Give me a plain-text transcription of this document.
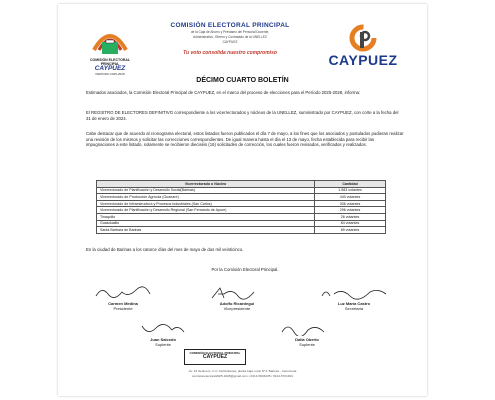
COMISIÓN ELECTORAL PRINCIPAL
CAYPUEZ
PERIODO 2025-2028
COMISIÓN ELECTORAL PRINCIPAL
de la Caja de Ahorro y Préstamo del Personal Docente,
Administrativo, Obrero y Contratado de la UNELLEZ
CAYPUEZ
Tu voto consolida nuestro compromiso	CAYPUEZ
DÉCIMO CUARTO BOLETÍN
Estimados asociados, la Comisión Electoral Principal de CAYPUEZ, en el marco del proceso de elecciones para el Período 2025-2028, informa:
El REGISTRO DE ELECTORES DEFINITIVO correspondiente a los vicerrectorados y núcleos de la UNELLEZ, suministrado por CAYPUEZ, con corte a la fecha del 31 de enero de 2024.
Cabe destacar que de acuerdo al cronograma electoral, estos listados fueron publicados el día 7 de mayo, a los fines que los asociados y postulados pudieran realizar una revisión de los mismos y solicitar las correcciones correspondientes. De igual manera hasta el día el 13 de mayo, fecha establecida para recibir las impugnaciones a este listado, solamente se recibieron dieciséis (16) solicitudes de corrección, los cuales fueron revisados, verificados y realizados.
Vicerrectorado o Núcleo	Cantidad
Vicerrectorado de Planificación y Desarrollo Social(Barinas)	1.583 votantes
Vicerrectorado de Producción Agrícola (Guanare)	440 votantes
Vicerrectorado de Infraestructura y Procesos Industriales (San Carlos)	306 votantes
Vicerrectorado de Planificación y Desarrollo Regional (San Fernando de Apure)	296 votantes
Tinaquillo	26 votantes
Guasdualito	84 votantes
Santa Bárbara de Barinas	89 votantes
En la ciudad de Barinas a los catorce días del mes de mayo de dos mil veinticinco.
Por la Comisión Electoral Principal.
Carmen Medina
Presidente
Adolfo Ricardegui
Vicepresidente
Luz María Castro
Secretaria
Juan Salcedo
Suplente
Dalia Oberto
Suplente
COMISIÓN ELECTORAL PRINCIPAL
CAYPUEZ
Av. 23 de Enero, C.C. Doña Eloisa, planta baja, local N°3. Barinas - Venezuela
comisionelectoral2025.2028@gmail.com • 0414-5603435 / 0414-5721001
